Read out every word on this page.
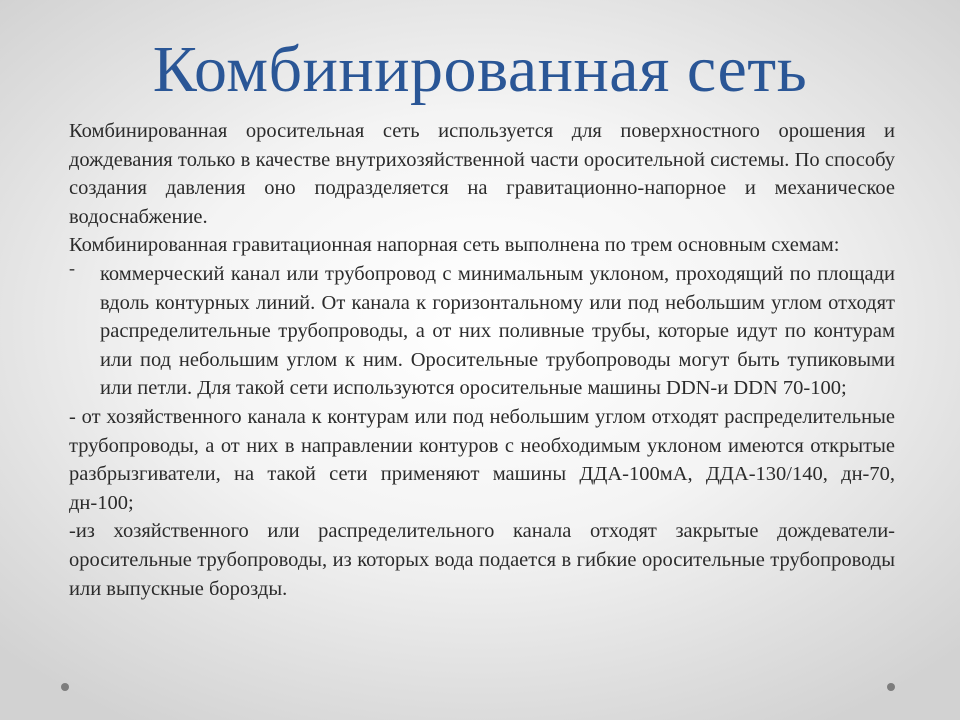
Комбинированная сеть

Комбинированная оросительная сеть используется для поверхностного орошения и дождевания только в качестве внутрихозяйственной части оросительной системы. По способу создания давления оно подразделяется на гравитационно-напорное и механическое водоснабжение.

Комбинированная гравитационная напорная сеть выполнена по трем основным схемам:

- коммерческий канал или трубопровод с минимальным уклоном, проходящий по площади вдоль контурных линий. От канала к горизонтальному или под небольшим углом отходят распределительные трубопроводы, а от них поливные трубы, которые идут по контурам или под небольшим углом к ним. Оросительные трубопроводы могут быть тупиковыми или петли. Для такой сети используются оросительные машины DDN-и DDN 70-100;

- от хозяйственного канала к контурам или под небольшим углом отходят распределительные трубопроводы, а от них в направлении контуров с необходимым уклоном имеются открытые разбрызгиватели, на такой сети применяют машины ДДА-100мА, ДДА-130/140, дн-70, дн-100;

-из хозяйственного или распределительного канала отходят закрытые дождеватели-оросительные трубопроводы, из которых вода подается в гибкие оросительные трубопроводы или выпускные борозды.
